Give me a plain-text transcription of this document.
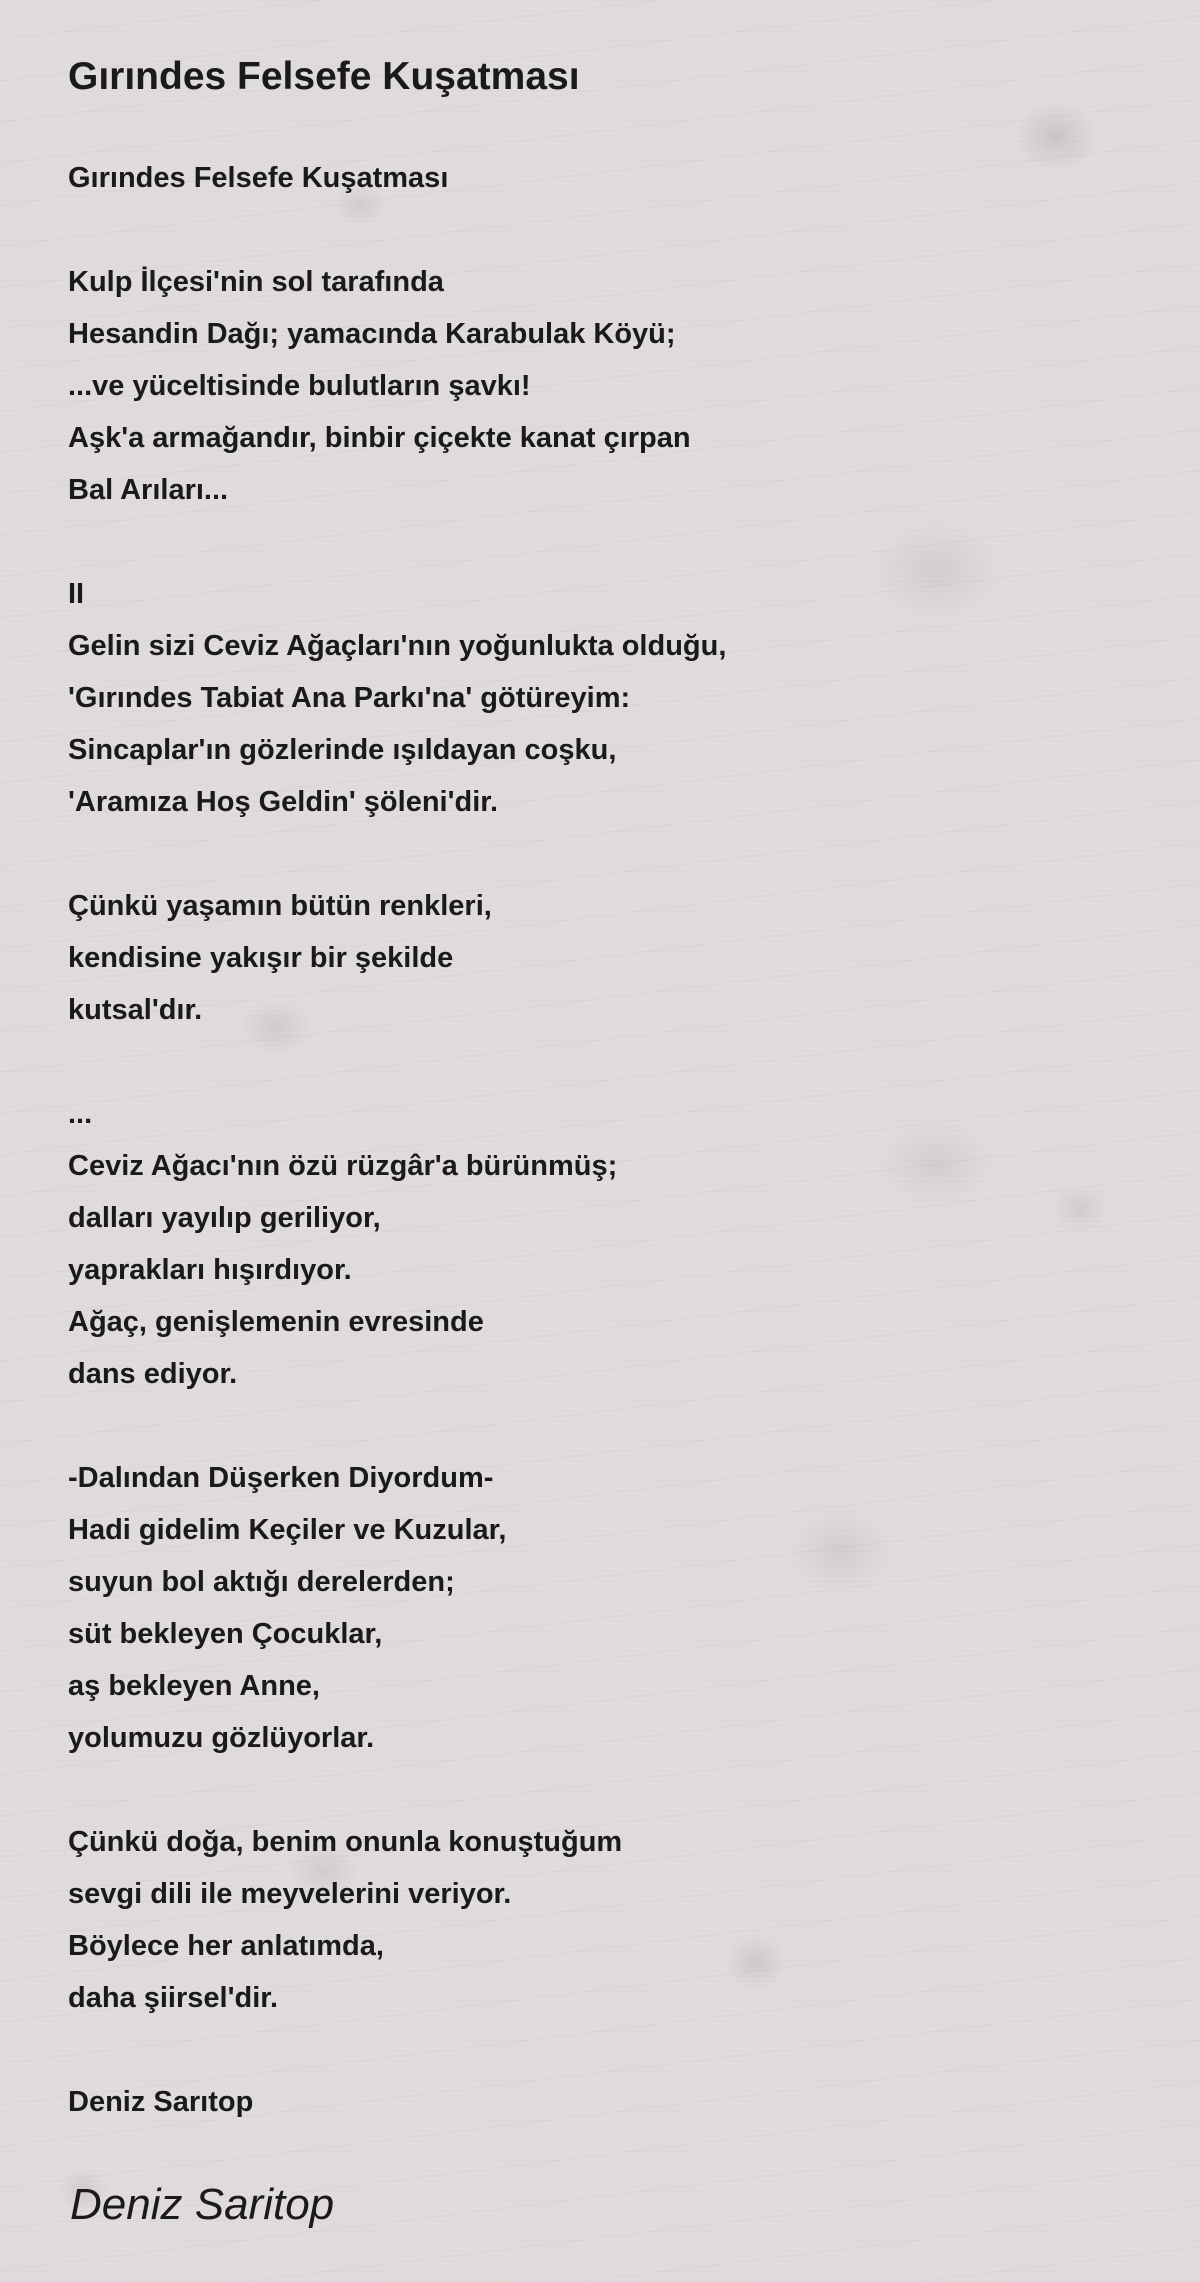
Gırındes Felsefe Kuşatması
Gırındes Felsefe Kuşatması
Kulp İlçesi'nin sol tarafında
Hesandin Dağı; yamacında Karabulak Köyü;
...ve yüceltisinde bulutların şavkı!
Aşk'a armağandır, binbir çiçekte kanat çırpan
Bal Arıları...
II
Gelin sizi Ceviz Ağaçları'nın yoğunlukta olduğu,
'Gırındes Tabiat Ana Parkı'na' götüreyim:
Sincaplar'ın gözlerinde ışıldayan coşku,
'Aramıza Hoş Geldin' şöleni'dir.
Çünkü yaşamın bütün renkleri,
kendisine yakışır bir şekilde
kutsal'dır.
...
Ceviz Ağacı'nın özü rüzgâr'a bürünmüş;
dalları yayılıp geriliyor,
yaprakları hışırdıyor.
Ağaç, genişlemenin evresinde
dans ediyor.
-Dalından Düşerken Diyordum-
Hadi gidelim Keçiler ve Kuzular,
suyun bol aktığı derelerden;
süt bekleyen Çocuklar,
aş bekleyen Anne,
yolumuzu gözlüyorlar.
Çünkü doğa, benim onunla konuştuğum
sevgi dili ile meyvelerini veriyor.
Böylece her anlatımda,
daha şiirsel'dir.
Deniz Sarıtop
Deniz Saritop
